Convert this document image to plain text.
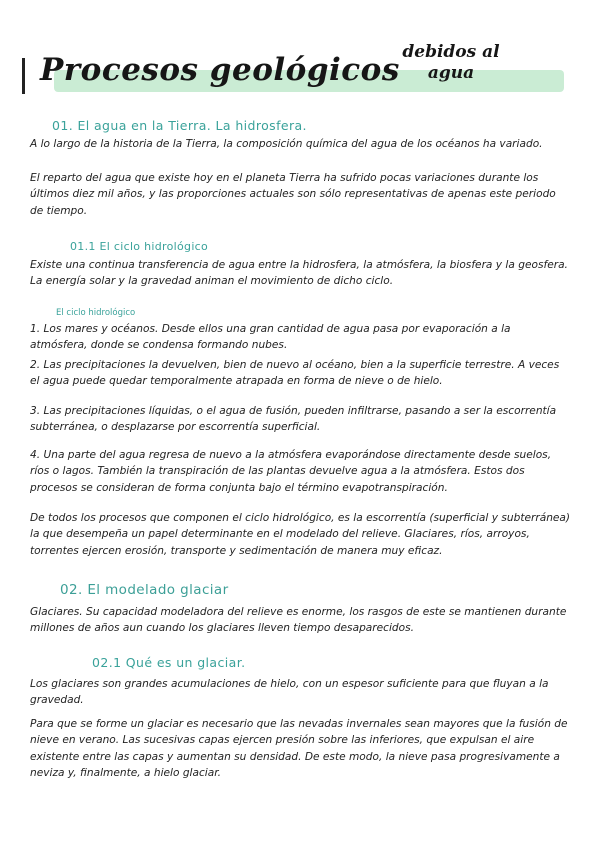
Procesos geológicos debidos al agua
01. El agua en la Tierra. La hidrosfera.
A lo largo de la historia de la Tierra, la composición química del agua de los océanos ha variado.
El reparto del agua que existe hoy en el planeta Tierra ha sufrido pocas variaciones durante los últimos diez mil años, y las proporciones actuales son sólo representativas de apenas este periodo de tiempo.
01.1 El ciclo hidrológico
Existe una continua transferencia de agua entre la hidrosfera, la atmósfera, la biosfera y la geosfera. La energía solar y la gravedad animan el movimiento de dicho ciclo.
El ciclo hidrológico
1. Los mares y océanos. Desde ellos una gran cantidad de agua pasa por evaporación a la atmósfera, donde se condensa formando nubes.
2. Las precipitaciones la devuelven, bien de nuevo al océano, bien a la superficie terrestre. A veces el agua puede quedar temporalmente atrapada en forma de nieve o de hielo.
3. Las precipitaciones líquidas, o el agua de fusión, pueden infiltrarse, pasando a ser la escorrentía subterránea, o desplazarse por escorrentía superficial.
4. Una parte del agua regresa de nuevo a la atmósfera evaporándose directamente desde suelos, ríos o lagos. También la transpiración de las plantas devuelve agua a la atmósfera. Estos dos procesos se consideran de forma conjunta bajo el término evapotranspiración.
De todos los procesos que componen el ciclo hidrológico, es la escorrentía (superficial y subterránea) la que desempeña un papel determinante en el modelado del relieve. Glaciares, ríos, arroyos, torrentes ejercen erosión, transporte y sedimentación de manera muy eficaz.
02. El modelado glaciar
Glaciares. Su capacidad modeladora del relieve es enorme, los rasgos de este se mantienen durante millones de años aun cuando los glaciares lleven tiempo desaparecidos.
02.1 Qué es un glaciar.
Los glaciares son grandes acumulaciones de hielo, con un espesor suficiente para que fluyan a la gravedad.
Para que se forme un glaciar es necesario que las nevadas invernales sean mayores que la fusión de nieve en verano. Las sucesivas capas ejercen presión sobre las inferiores, que expulsan el aire existente entre las capas y aumentan su densidad. De este modo, la nieve pasa progresivamente a neviza y, finalmente, a hielo glaciar.
